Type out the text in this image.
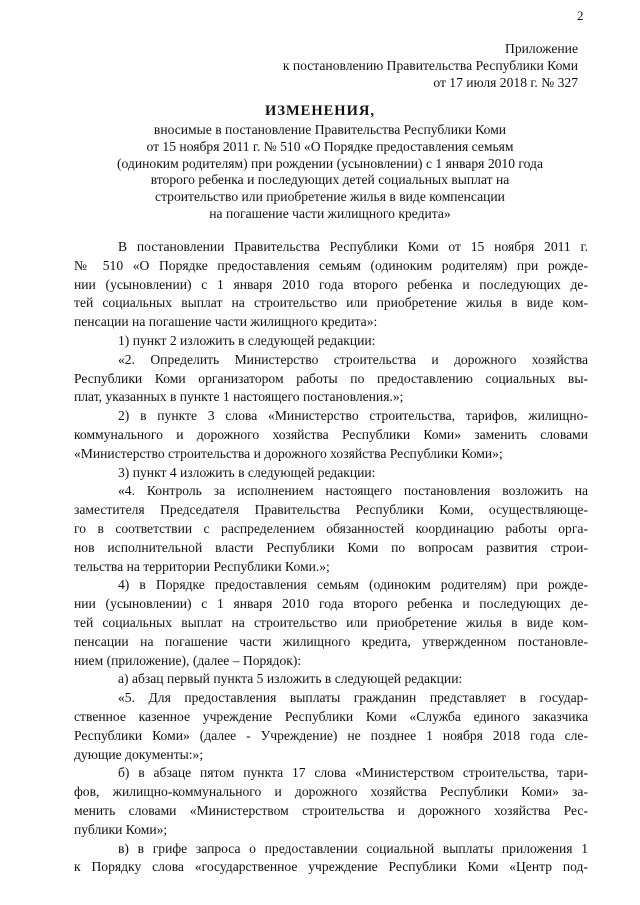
2
Приложение
к постановлению Правительства Республики Коми
от 17 июля 2018 г. № 327
ИЗМЕНЕНИЯ,
вносимые в постановление Правительства Республики Коми
от 15 ноября 2011 г. № 510 «О Порядке предоставления семьям
(одиноким родителям) при рождении (усыновлении) с 1 января 2010 года
второго ребенка и последующих детей социальных выплат на
строительство или приобретение жилья в виде компенсации
на погашение части жилищного кредита»
В постановлении Правительства Республики Коми от 15 ноября 2011 г.
№ 510 «О Порядке предоставления семьям (одиноким родителям) при рожде-
нии (усыновлении) с 1 января 2010 года второго ребенка и последующих де-
тей социальных выплат на строительство или приобретение жилья в виде ком-
пенсации на погашение части жилищного кредита»:
1) пункт 2 изложить в следующей редакции:
«2. Определить Министерство строительства и дорожного хозяйства
Республики Коми организатором работы по предоставлению социальных вы-
плат, указанных в пункте 1 настоящего постановления.»;
2) в пункте 3 слова «Министерство строительства, тарифов, жилищно-
коммунального и дорожного хозяйства Республики Коми» заменить словами
«Министерство строительства и дорожного хозяйства Республики Коми»;
3) пункт 4 изложить в следующей редакции:
«4. Контроль за исполнением настоящего постановления возложить на
заместителя Председателя Правительства Республики Коми, осуществляюще-
го в соответствии с распределением обязанностей координацию работы орга-
нов исполнительной власти Республики Коми по вопросам развития строи-
тельства на территории Республики Коми.»;
4) в Порядке предоставления семьям (одиноким родителям) при рожде-
нии (усыновлении) с 1 января 2010 года второго ребенка и последующих де-
тей социальных выплат на строительство или приобретение жилья в виде ком-
пенсации на погашение части жилищного кредита, утвержденном постановле-
нием (приложение), (далее – Порядок):
а) абзац первый пункта 5 изложить в следующей редакции:
«5. Для предоставления выплаты гражданин представляет в государ-
ственное казенное учреждение Республики Коми «Служба единого заказчика
Республики Коми» (далее - Учреждение) не позднее 1 ноября 2018 года сле-
дующие документы:»;
б) в абзаце пятом пункта 17 слова «Министерством строительства, тари-
фов, жилищно-коммунального и дорожного хозяйства Республики Коми» за-
менить словами «Министерством строительства и дорожного хозяйства Рес-
публики Коми»;
в) в грифе запроса о предоставлении социальной выплаты приложения 1
к Порядку слова «государственное учреждение Республики Коми «Центр под-
